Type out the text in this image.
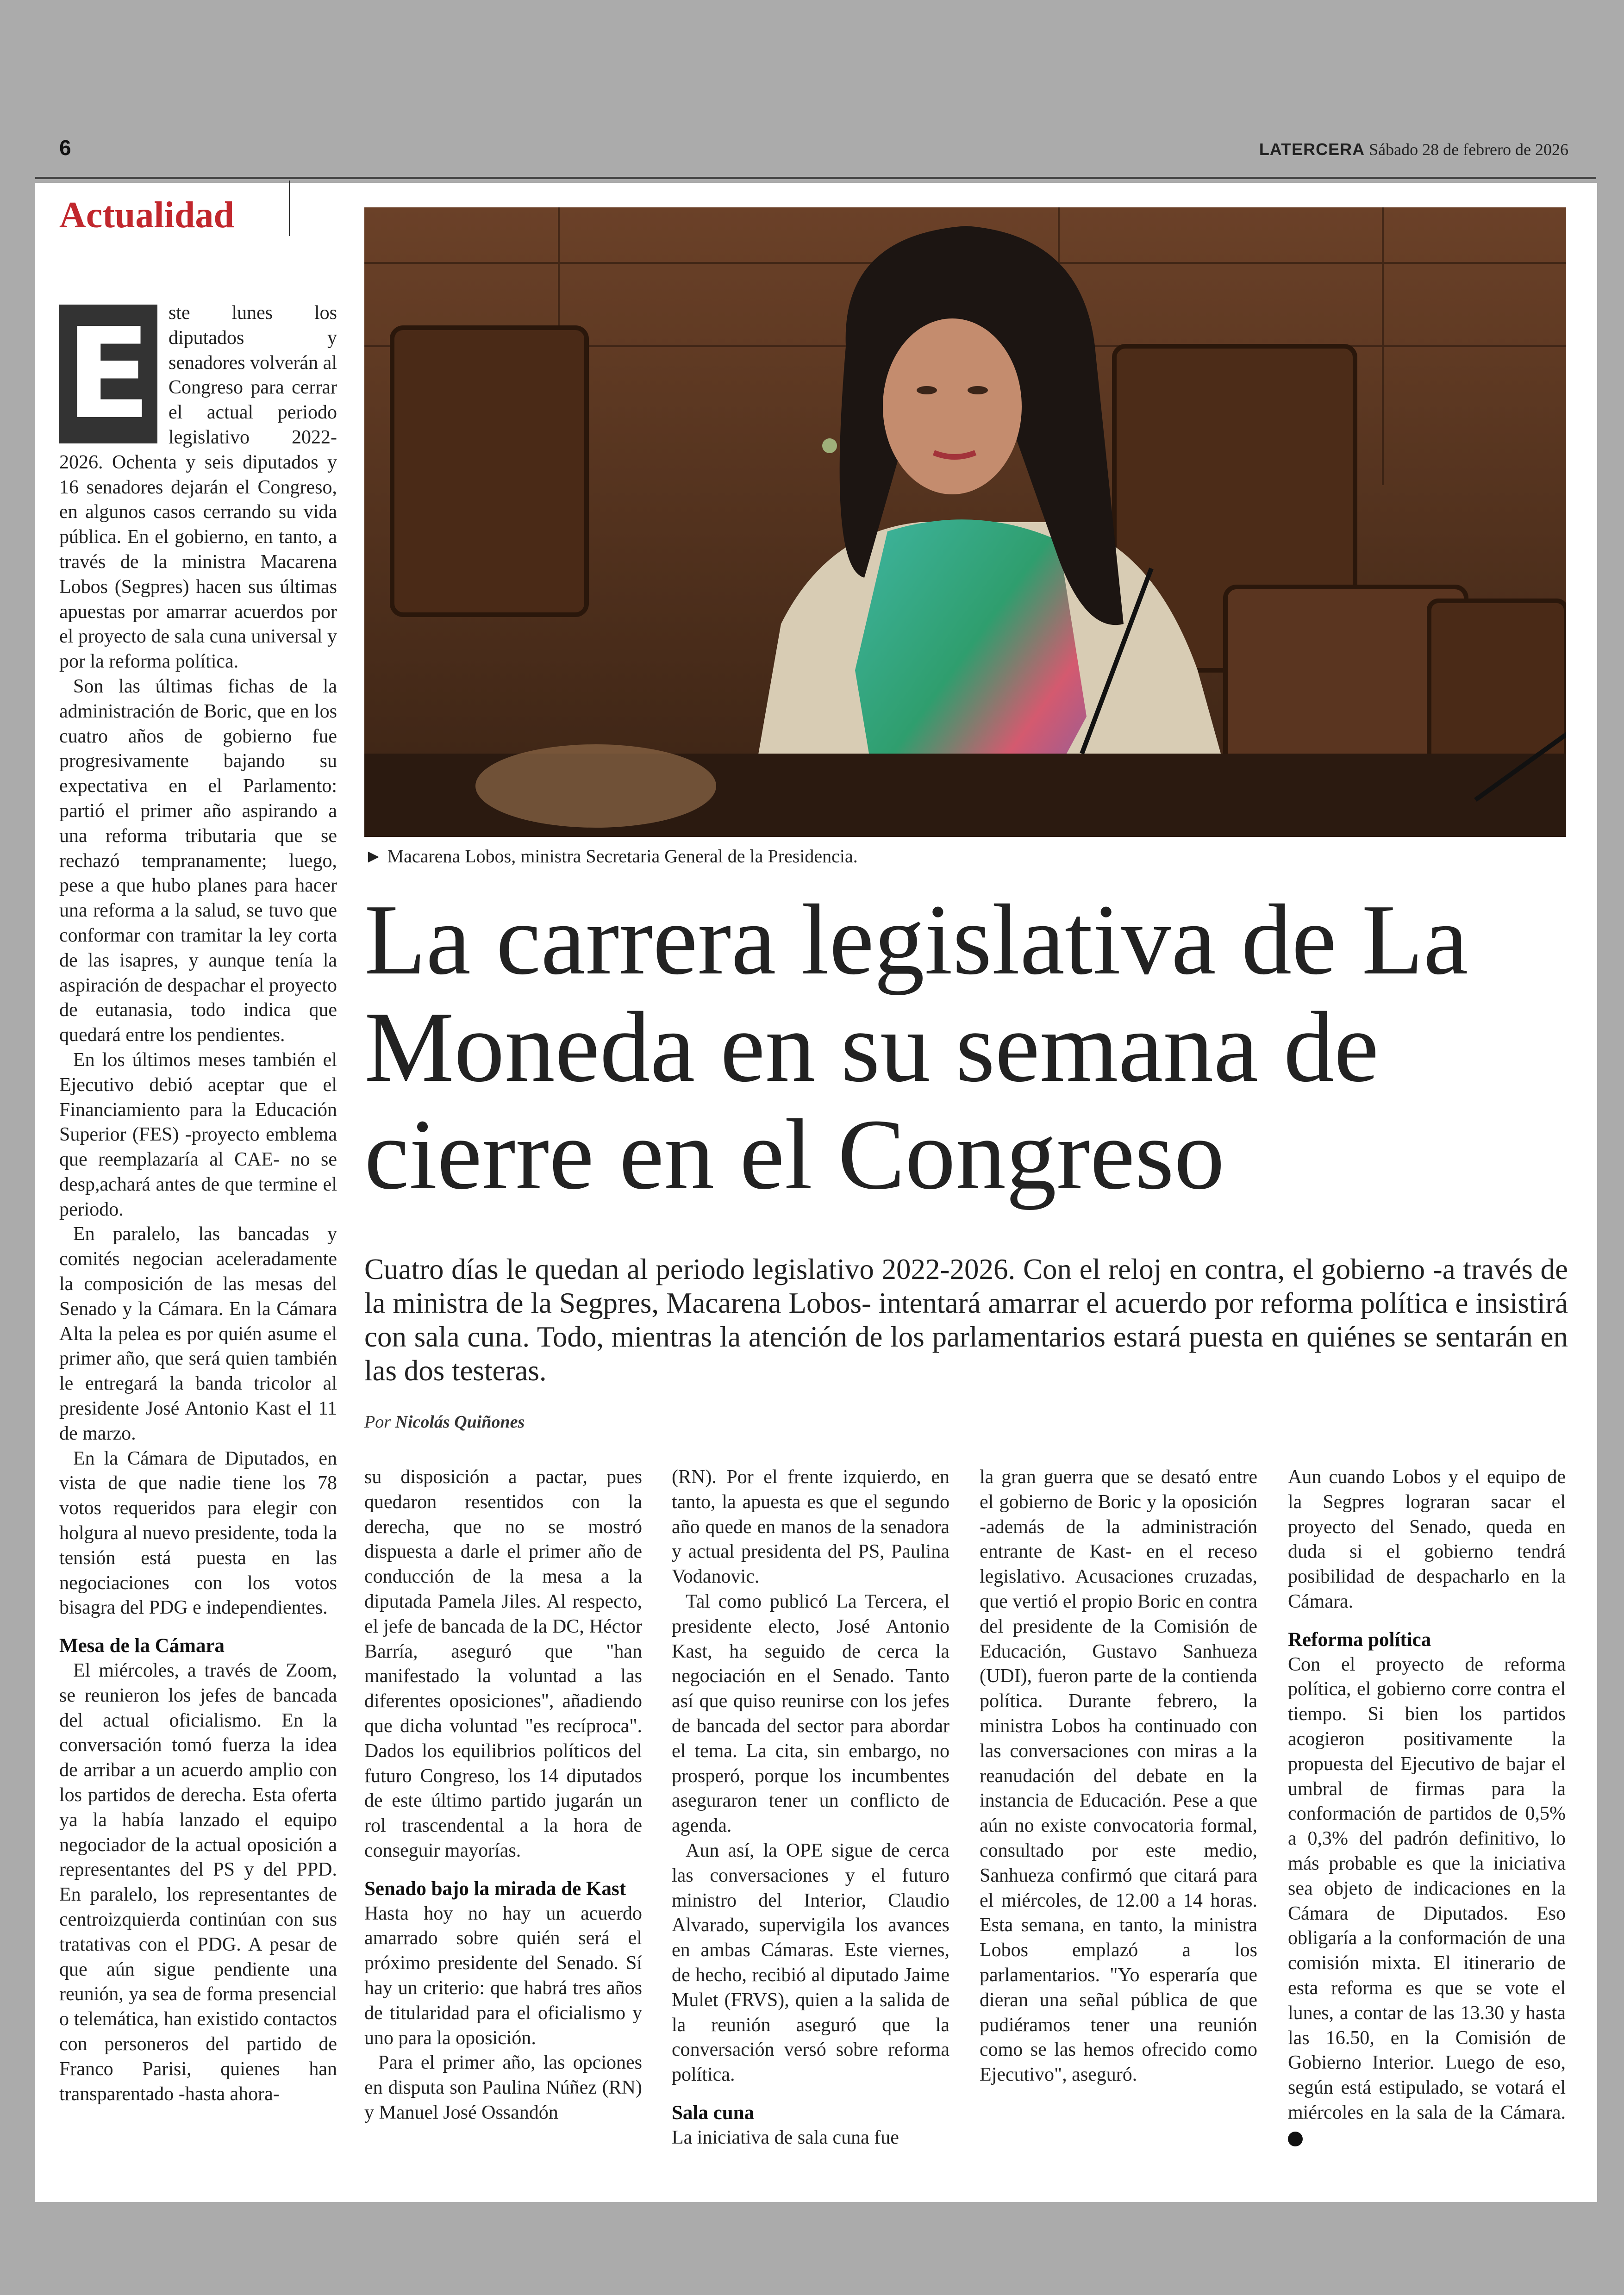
6	LATERCERA Sábado 28 de febrero de 2026
Actualidad
► Macarena Lobos, ministra Secretaria General de la Presidencia.
La carrera legislativa de La Moneda en su semana de cierre en el Congreso
Cuatro días le quedan al periodo legislativo 2022-2026. Con el reloj en contra, el gobierno -a través de la ministra de la Segpres, Macarena Lobos- intentará amarrar el acuerdo por reforma política e insistirá con sala cuna. Todo, mientras la atención de los parlamentarios estará puesta en quiénes se sentarán en las dos testeras.
Por Nicolás Quiñones
E ste lunes los diputados y senadores volverán al Congreso para cerrar el actual periodo legislativo 2022-2026. Ochenta y seis diputados y 16 senadores dejarán el Congreso, en algunos casos cerrando su vida pública. En el gobierno, en tanto, a través de la ministra Macarena Lobos (Segpres) hacen sus últimas apuestas por amarrar acuerdos por el proyecto de sala cuna universal y por la reforma política.

Son las últimas fichas de la administración de Boric, que en los cuatro años de gobierno fue progresivamente bajando su expectativa en el Parlamento: partió el primer año aspirando a una reforma tributaria que se rechazó tempranamente; luego, pese a que hubo planes para hacer una reforma a la salud, se tuvo que conformar con tramitar la ley corta de las isapres, y aunque tenía la aspiración de despachar el proyecto de eutanasia, todo indica que quedará entre los pendientes.

En los últimos meses también el Ejecutivo debió aceptar que el Financiamiento para la Educación Superior (FES) -proyecto emblema que reemplazaría al CAE- no se desp,achará antes de que termine el periodo.

En paralelo, las bancadas y comités negocian aceleradamente la composición de las mesas del Senado y la Cámara. En la Cámara Alta la pelea es por quién asume el primer año, que será quien también le entregará la banda tricolor al presidente José Antonio Kast el 11 de marzo.

En la Cámara de Diputados, en vista de que nadie tiene los 78 votos requeridos para elegir con holgura al nuevo presidente, toda la tensión está puesta en las negociaciones con los votos bisagra del PDG e independientes.

Mesa de la Cámara

El miércoles, a través de Zoom, se reunieron los jefes de bancada del actual oficialismo. En la conversación tomó fuerza la idea de arribar a un acuerdo amplio con los partidos de derecha. Esta oferta ya la había lanzado el equipo negociador de la actual oposición a representantes del PS y del PPD. En paralelo, los representantes de centroizquierda continúan con sus tratativas con el PDG. A pesar de que aún sigue pendiente una reunión, ya sea de forma presencial o telemática, han existido contactos con personeros del partido de Franco Parisi, quienes han transparentado -hasta ahora-

su disposición a pactar, pues quedaron resentidos con la derecha, que no se mostró dispuesta a darle el primer año de conducción de la mesa a la diputada Pamela Jiles. Al respecto, el jefe de bancada de la DC, Héctor Barría, aseguró que "han manifestado la voluntad a las diferentes oposiciones", añadiendo que dicha voluntad "es recíproca". Dados los equilibrios políticos del futuro Congreso, los 14 diputados de este último partido jugarán un rol trascendental a la hora de conseguir mayorías.

Senado bajo la mirada de Kast

Hasta hoy no hay un acuerdo amarrado sobre quién será el próximo presidente del Senado. Sí hay un criterio: que habrá tres años de titularidad para el oficialismo y uno para la oposición.

Para el primer año, las opciones en disputa son Paulina Núñez (RN) y Manuel José Ossandón

(RN). Por el frente izquierdo, en tanto, la apuesta es que el segundo año quede en manos de la senadora y actual presidenta del PS, Paulina Vodanovic.

Tal como publicó La Tercera, el presidente electo, José Antonio Kast, ha seguido de cerca la negociación en el Senado. Tanto así que quiso reunirse con los jefes de bancada del sector para abordar el tema. La cita, sin embargo, no prosperó, porque los incumbentes aseguraron tener un conflicto de agenda.

Aun así, la OPE sigue de cerca las conversaciones y el futuro ministro del Interior, Claudio Alvarado, supervigila los avances en ambas Cámaras. Este viernes, de hecho, recibió al diputado Jaime Mulet (FRVS), quien a la salida de la reunión aseguró que la conversación versó sobre reforma política.

Sala cuna

La iniciativa de sala cuna fue

la gran guerra que se desató entre el gobierno de Boric y la oposición -además de la administración entrante de Kast- en el receso legislativo. Acusaciones cruzadas, que vertió el propio Boric en contra del presidente de la Comisión de Educación, Gustavo Sanhueza (UDI), fueron parte de la contienda política. Durante febrero, la ministra Lobos ha continuado con las conversaciones con miras a la reanudación del debate en la instancia de Educación. Pese a que aún no existe convocatoria formal, consultado por este medio, Sanhueza confirmó que citará para el miércoles, de 12.00 a 14 horas. Esta semana, en tanto, la ministra Lobos emplazó a los parlamentarios. "Yo esperaría que dieran una señal pública de que pudiéramos tener una reunión como se las hemos ofrecido como Ejecutivo", aseguró.

Aun cuando Lobos y el equipo de la Segpres lograran sacar el proyecto del Senado, queda en duda si el gobierno tendrá posibilidad de despacharlo en la Cámara.

Reforma política

Con el proyecto de reforma política, el gobierno corre contra el tiempo. Si bien los partidos acogieron positivamente la propuesta del Ejecutivo de bajar el umbral de firmas para la conformación de partidos de 0,5% a 0,3% del padrón definitivo, lo más probable es que la iniciativa sea objeto de indicaciones en la Cámara de Diputados. Eso obligaría a la conformación de una comisión mixta. El itinerario de esta reforma es que se vote el lunes, a contar de las 13.30 y hasta las 16.50, en la Comisión de Gobierno Interior. Luego de eso, según está estipulado, se votará el miércoles en la sala de la Cámara.
